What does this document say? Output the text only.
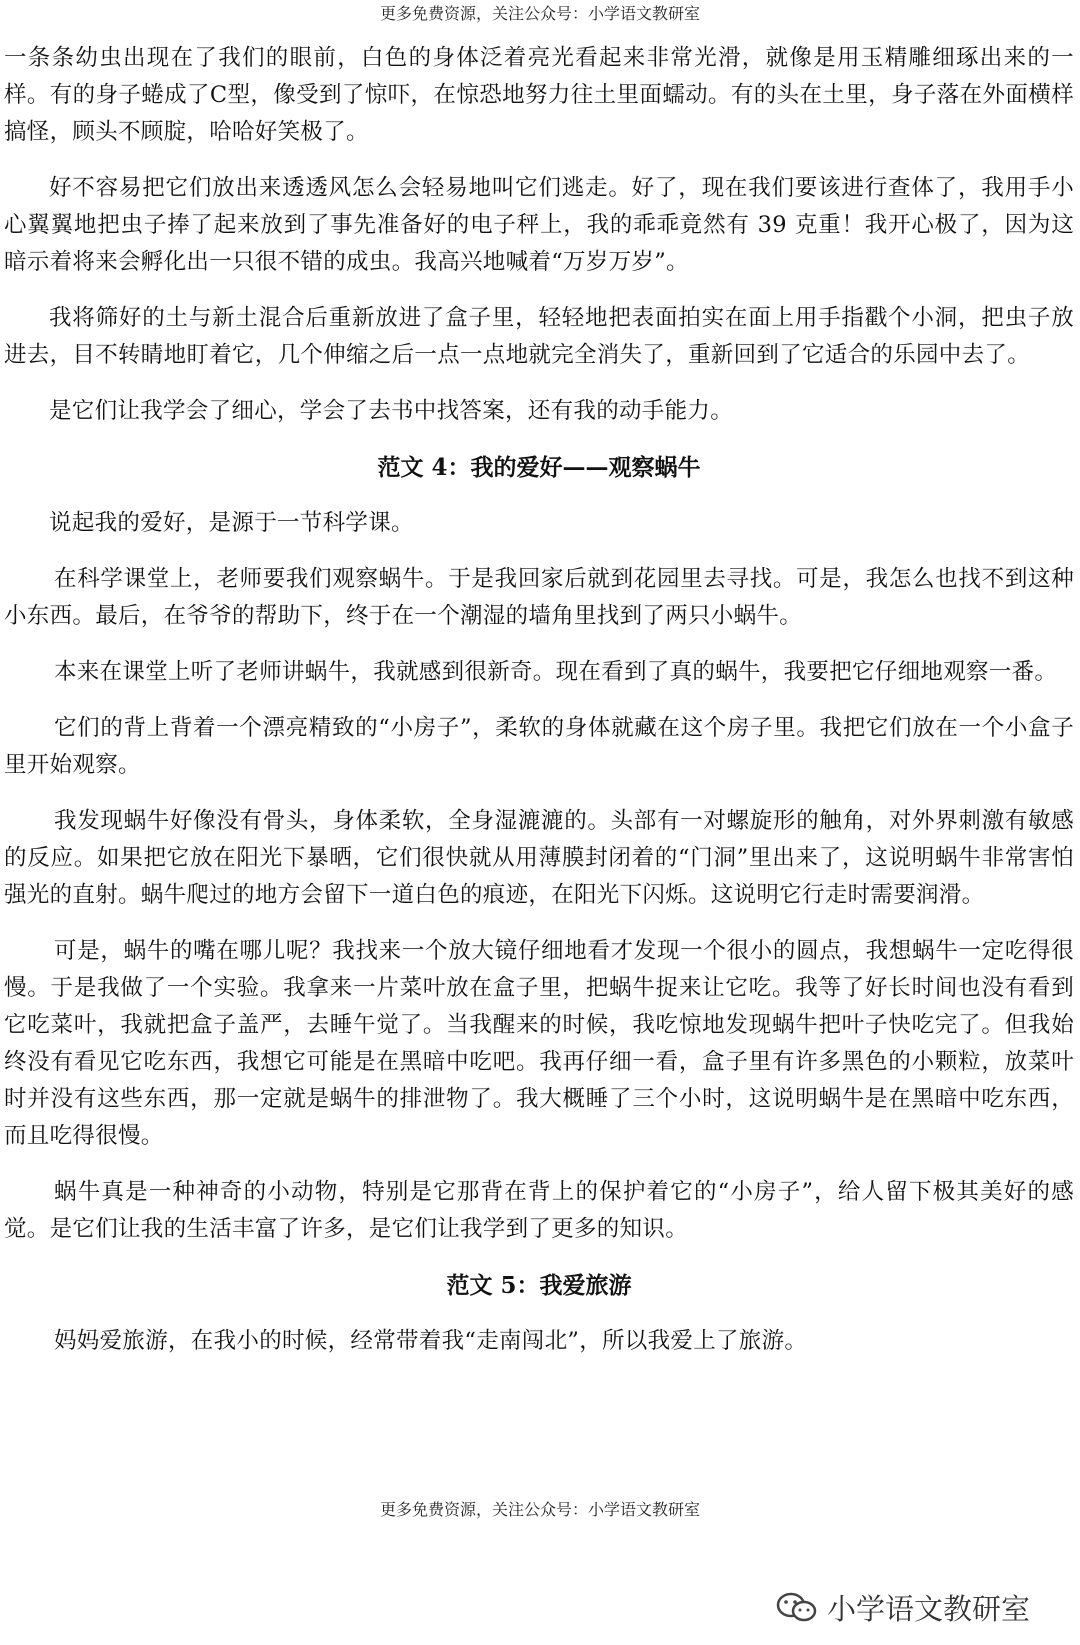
更多免费资源，关注公众号：小学语文教研室

一条条幼虫出现在了我们的眼前，白色的身体泛着亮光看起来非常光滑，就像是用玉精雕细琢出来的一样。有的身子蜷成了C型，像受到了惊吓，在惊恐地努力往土里面蠕动。有的头在土里，身子落在外面横样搞怪，顾头不顾腚，哈哈好笑极了。

好不容易把它们放出来透透风怎么会轻易地叫它们逃走。好了，现在我们要该进行查体了，我用手小心翼翼地把虫子捧了起来放到了事先准备好的电子秤上，我的乖乖竟然有 39 克重！我开心极了，因为这暗示着将来会孵化出一只很不错的成虫。我高兴地喊着“万岁万岁”。

我将筛好的土与新土混合后重新放进了盒子里，轻轻地把表面拍实在面上用手指戳个小洞，把虫子放进去，目不转睛地盯着它，几个伸缩之后一点一点地就完全消失了，重新回到了它适合的乐园中去了。

是它们让我学会了细心，学会了去书中找答案，还有我的动手能力。

范文 4：我的爱好——观察蜗牛

说起我的爱好，是源于一节科学课。

在科学课堂上，老师要我们观察蜗牛。于是我回家后就到花园里去寻找。可是，我怎么也找不到这种小东西。最后，在爷爷的帮助下，终于在一个潮湿的墙角里找到了两只小蜗牛。

本来在课堂上听了老师讲蜗牛，我就感到很新奇。现在看到了真的蜗牛，我要把它仔细地观察一番。

它们的背上背着一个漂亮精致的“小房子”，柔软的身体就藏在这个房子里。我把它们放在一个小盒子里开始观察。

我发现蜗牛好像没有骨头，身体柔软，全身湿漉漉的。头部有一对螺旋形的触角，对外界刺激有敏感的反应。如果把它放在阳光下暴晒，它们很快就从用薄膜封闭着的“门洞”里出来了，这说明蜗牛非常害怕强光的直射。蜗牛爬过的地方会留下一道白色的痕迹，在阳光下闪烁。这说明它行走时需要润滑。

可是，蜗牛的嘴在哪儿呢？我找来一个放大镜仔细地看才发现一个很小的圆点，我想蜗牛一定吃得很慢。于是我做了一个实验。我拿来一片菜叶放在盒子里，把蜗牛捉来让它吃。我等了好长时间也没有看到它吃菜叶，我就把盒子盖严，去睡午觉了。当我醒来的时候，我吃惊地发现蜗牛把叶子快吃完了。但我始终没有看见它吃东西，我想它可能是在黑暗中吃吧。我再仔细一看，盒子里有许多黑色的小颗粒，放菜叶时并没有这些东西，那一定就是蜗牛的排泄物了。我大概睡了三个小时，这说明蜗牛是在黑暗中吃东西，而且吃得很慢。

蜗牛真是一种神奇的小动物，特别是它那背在背上的保护着它的“小房子”，给人留下极其美好的感觉。是它们让我的生活丰富了许多，是它们让我学到了更多的知识。

范文 5：我爱旅游

妈妈爱旅游，在我小的时候，经常带着我“走南闯北”，所以我爱上了旅游。

更多免费资源，关注公众号：小学语文教研室
小学语文教研室
